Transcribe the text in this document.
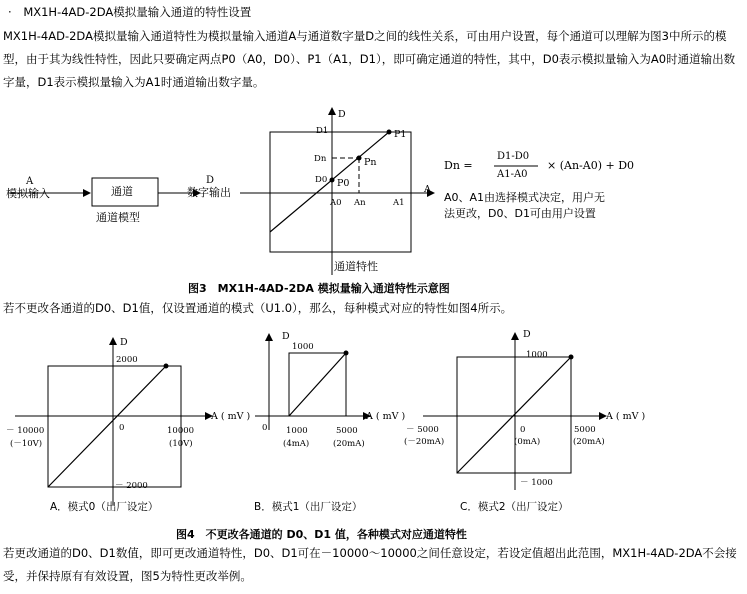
· MX1H-4AD-2DA模拟量输入通道的特性设置
MX1H-4AD-2DA模拟量输入通道特性为模拟量输入通道A与通道数字量D之间的线性关系，可由用户设置，每个通道可以理解为图3中所示的模型，由于其为线性特性，因此只要确定两点P0（A0，D0）、P1（A1，D1），即可确定通道的特性，其中，D0表示模拟量输入为A0时通道输出数字量，D1表示模拟量输入为A1时通道输出数字量。
A
模拟输入	通道
通道模型
D
数字输出
D
A
D1
Dn
D0
A0 An	A1
P1
Pn
P0
通道特性
Dn =
D1-D0
A1-A0
× (An-A0) + D0
A0、A1由选择模式决定，用户无
法更改，D0、D1可由用户设置
图3　MX1H-4AD-2DA 模拟量输入通道特性示意图
若不更改各通道的D0、D1值，仅设置通道的模式（U1.0），那么，每种模式对应的特性如图4所示。
D
A ( mV )
2000
－ 2000
－ 10000
(－10V)
10000
(10V)
0
A．模式0（出厂设定）
D
A ( mV )
1000
1000
(4mA)
5000
(20mA)
0
B．模式1（出厂设定）
D
A ( mV )
1000
－ 1000
－ 5000
(－20mA)
5000
(20mA)
0
(0mA)
C．模式2（出厂设定）
图4　不更改各通道的 D0、D1 值，各种模式对应通道特性
若更改通道的D0、D1数值，即可更改通道特性，D0、D1可在－10000～10000之间任意设定，若设定值超出此范围，MX1H-4AD-2DA不会接受，并保持原有有效设置，图5为特性更改举例。
